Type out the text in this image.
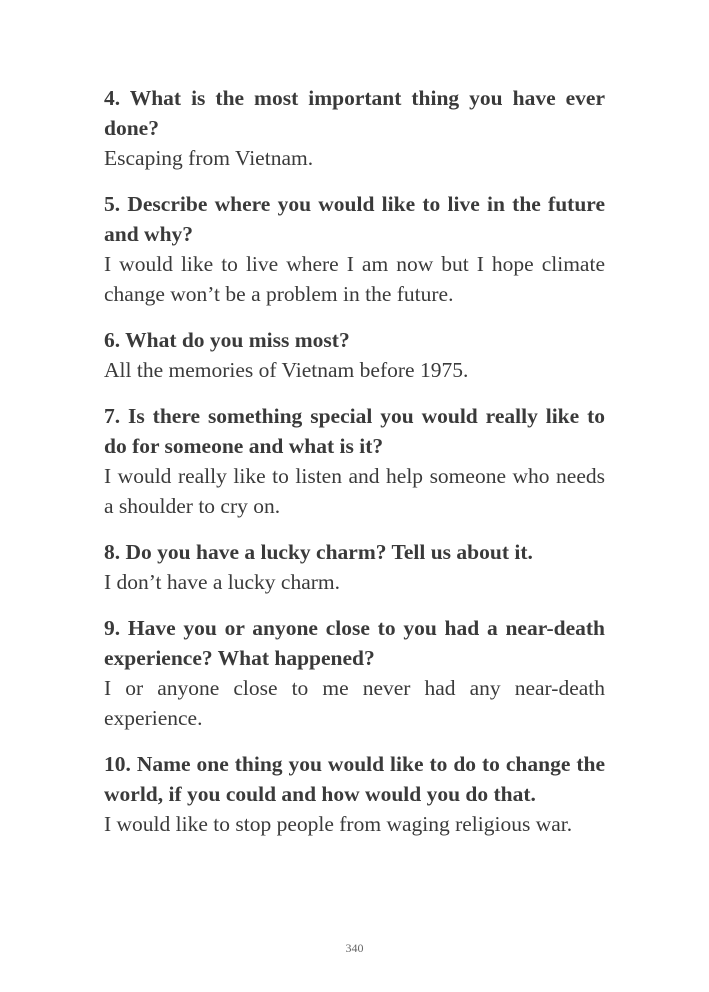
4. What is the most important thing you have ever done?

Escaping from Vietnam.

5. Describe where you would like to live in the future and why?

I would like to live where I am now but I hope climate change won’t be a problem in the future.

6. What do you miss most?

All the memories of Vietnam before 1975.

7. Is there something special you would really like to do for someone and what is it?

I would really like to listen and help someone who needs a shoulder to cry on.

8. Do you have a lucky charm? Tell us about it.

I don’t have a lucky charm.

9. Have you or anyone close to you had a near-death experience? What happened?

I or anyone close to me never had any near-death experience.

10. Name one thing you would like to do to change the world, if you could and how would you do that.

I would like to stop people from waging religious war.

340
